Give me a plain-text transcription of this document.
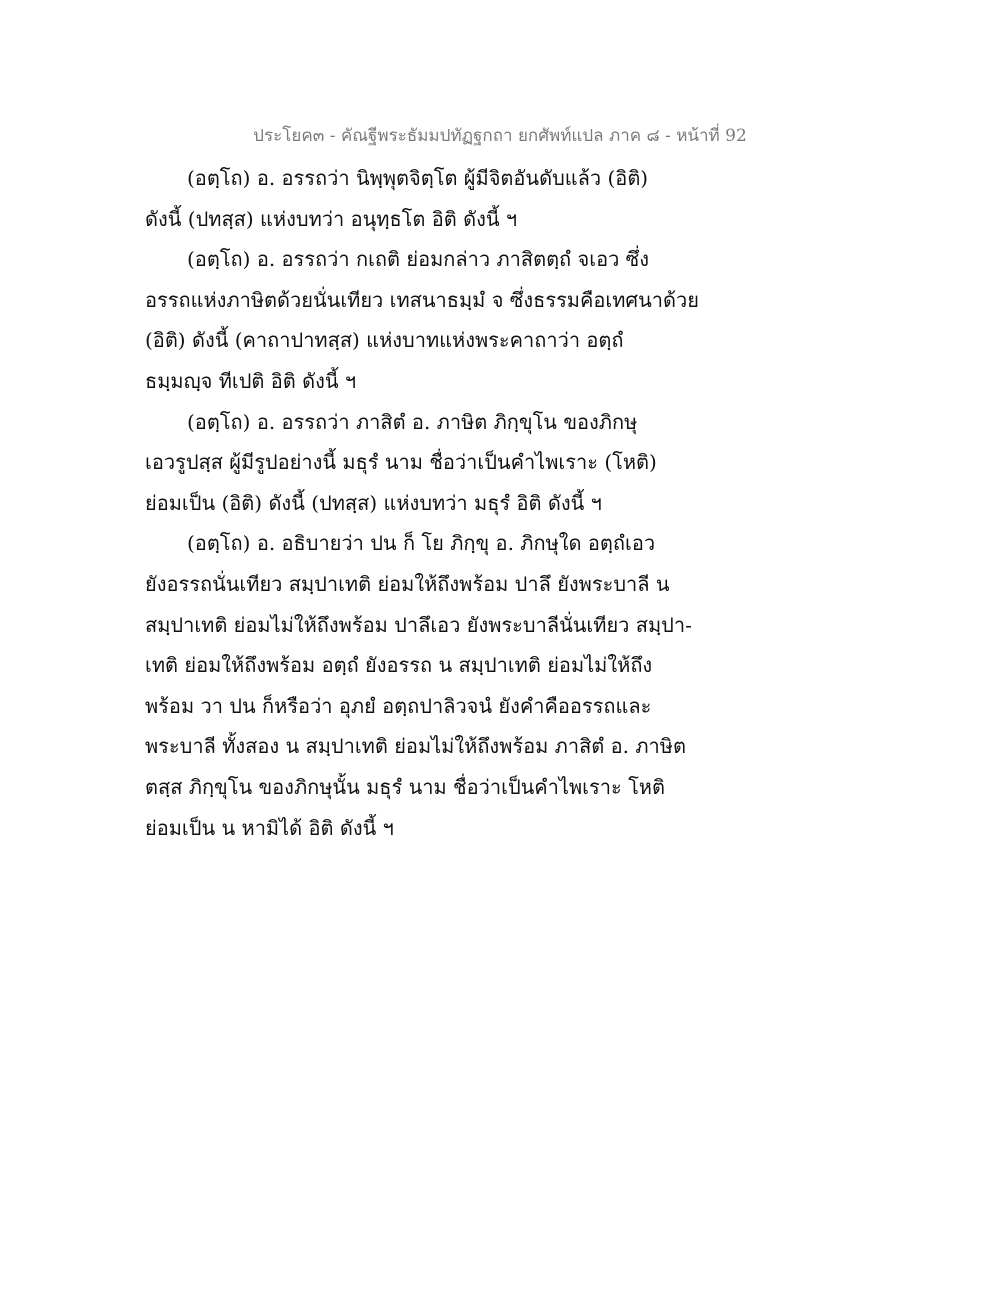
ประโยค๓ - คัณฐีพระธัมมปทัฏฐกถา ยกศัพท์แปล ภาค ๘ - หน้าที่ 92
(อตฺโถ) อ. อรรถว่า นิพฺพุตจิตฺโต ผู้มีจิตอันดับแล้ว (อิติ)
ดังนี้ (ปทสฺส) แห่งบทว่า อนุทฺธโต อิติ ดังนี้ ฯ
(อตฺโถ) อ. อรรถว่า กเถติ ย่อมกล่าว ภาสิตตฺถํ จเอว ซึ่ง
อรรถแห่งภาษิตด้วยนั่นเทียว เทสนาธมฺมํ จ ซึ่งธรรมคือเทศนาด้วย
(อิติ) ดังนี้ (คาถาปาทสฺส) แห่งบาทแห่งพระคาถาว่า อตฺถํ
ธมฺมญฺจ ทีเปติ อิติ ดังนี้ ฯ
(อตฺโถ) อ. อรรถว่า ภาสิตํ อ. ภาษิต ภิกฺขุโน ของภิกษุ
เอวรูปสฺส ผู้มีรูปอย่างนี้ มธุรํ นาม ชื่อว่าเป็นคำไพเราะ (โหติ)
ย่อมเป็น (อิติ) ดังนี้ (ปทสฺส) แห่งบทว่า มธุรํ อิติ ดังนี้ ฯ
(อตฺโถ) อ. อธิบายว่า ปน ก็ โย ภิกฺขุ อ. ภิกษุใด อตฺถํเอว
ยังอรรถนั่นเทียว สมฺปาเทติ ย่อมให้ถึงพร้อม ปาลึ ยังพระบาลี น
สมฺปาเทติ ย่อมไม่ให้ถึงพร้อม ปาลึเอว ยังพระบาลีนั่นเทียว สมฺปา-
เทติ ย่อมให้ถึงพร้อม อตฺถํ ยังอรรถ น สมฺปาเทติ ย่อมไม่ให้ถึง
พร้อม วา ปน ก็หรือว่า อุภยํ อตฺถปาลิวจนํ ยังคำคืออรรถและ
พระบาลี ทั้งสอง น สมฺปาเทติ ย่อมไม่ให้ถึงพร้อม ภาสิตํ อ. ภาษิต
ตสฺส ภิกฺขุโน ของภิกษุนั้น มธุรํ นาม ชื่อว่าเป็นคำไพเราะ โหติ
ย่อมเป็น น หามิได้ อิติ ดังนี้ ฯ
